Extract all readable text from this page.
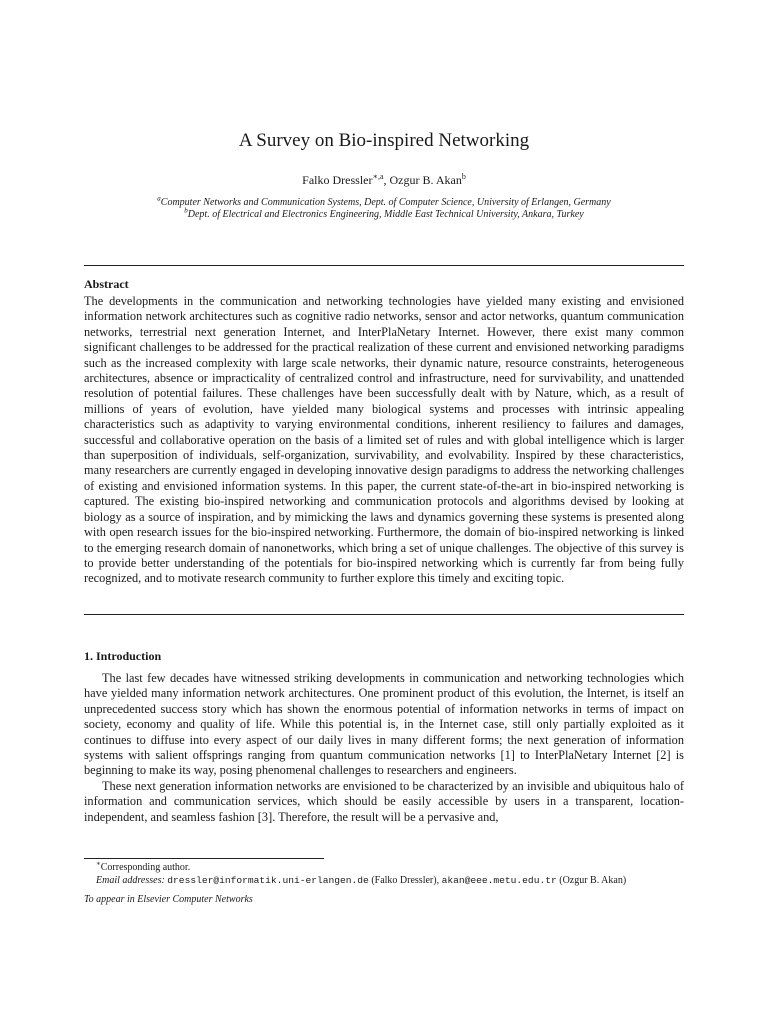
A Survey on Bio-inspired Networking
Falko Dressler$^{∗,a}$, Ozgur B. Akan$^b$
$^a$Computer Networks and Communication Systems, Dept. of Computer Science, University of Erlangen, Germany
$^b$Dept. of Electrical and Electronics Engineering, Middle East Technical University, Ankara, Turkey
Abstract
The developments in the communication and networking technologies have yielded many existing and envisioned information network architectures such as cognitive radio networks, sensor and actor networks, quantum communication networks, terrestrial next generation Internet, and InterPlaNetary Internet. However, there exist many common significant challenges to be addressed for the practical realization of these current and envisioned networking paradigms such as the increased complexity with large scale networks, their dynamic nature, resource constraints, heterogeneous architectures, absence or impracticality of centralized control and infrastructure, need for survivability, and unattended resolution of potential failures. These challenges have been successfully dealt with by Nature, which, as a result of millions of years of evolution, have yielded many biological systems and processes with intrinsic appealing characteristics such as adaptivity to varying environmental conditions, inherent resiliency to failures and damages, successful and collaborative operation on the basis of a limited set of rules and with global intelligence which is larger than superposition of individuals, self-organization, survivability, and evolvability. Inspired by these characteristics, many researchers are currently engaged in developing innovative design paradigms to address the networking challenges of existing and envisioned information systems. In this paper, the current state-of-the-art in bio-inspired networking is captured. The existing bio-inspired networking and communication protocols and algorithms devised by looking at biology as a source of inspiration, and by mimicking the laws and dynamics governing these systems is presented along with open research issues for the bio-inspired networking. Furthermore, the domain of bio-inspired networking is linked to the emerging research domain of nanonetworks, which bring a set of unique challenges. The objective of this survey is to provide better understanding of the potentials for bio-inspired networking which is currently far from being fully recognized, and to motivate research community to further explore this timely and exciting topic.
1. Introduction

The last few decades have witnessed striking developments in communication and networking technologies which have yielded many information network architectures. One prominent product of this evolution, the Internet, is itself an unprecedented success story which has shown the enormous potential of information networks in terms of impact on society, economy and quality of life. While this potential is, in the Internet case, still only partially exploited as it continues to diffuse into every aspect of our daily lives in many different forms; the next generation of information systems with salient offsprings ranging from quantum communication networks [1] to InterPlaNetary Internet [2] is beginning to make its way, posing phenomenal challenges to researchers and engineers.

These next generation information networks are envisioned to be characterized by an invisible and ubiquitous halo of information and communication services, which should be easily accessible by users in a transparent, location-independent, and seamless fashion [3]. Therefore, the result will be a pervasive and,

∗Corresponding author.
Email addresses: dressler@informatik.uni-erlangen.de (Falko Dressler), akan@eee.metu.edu.tr (Ozgur B. Akan)
To appear in Elsevier Computer Networks
